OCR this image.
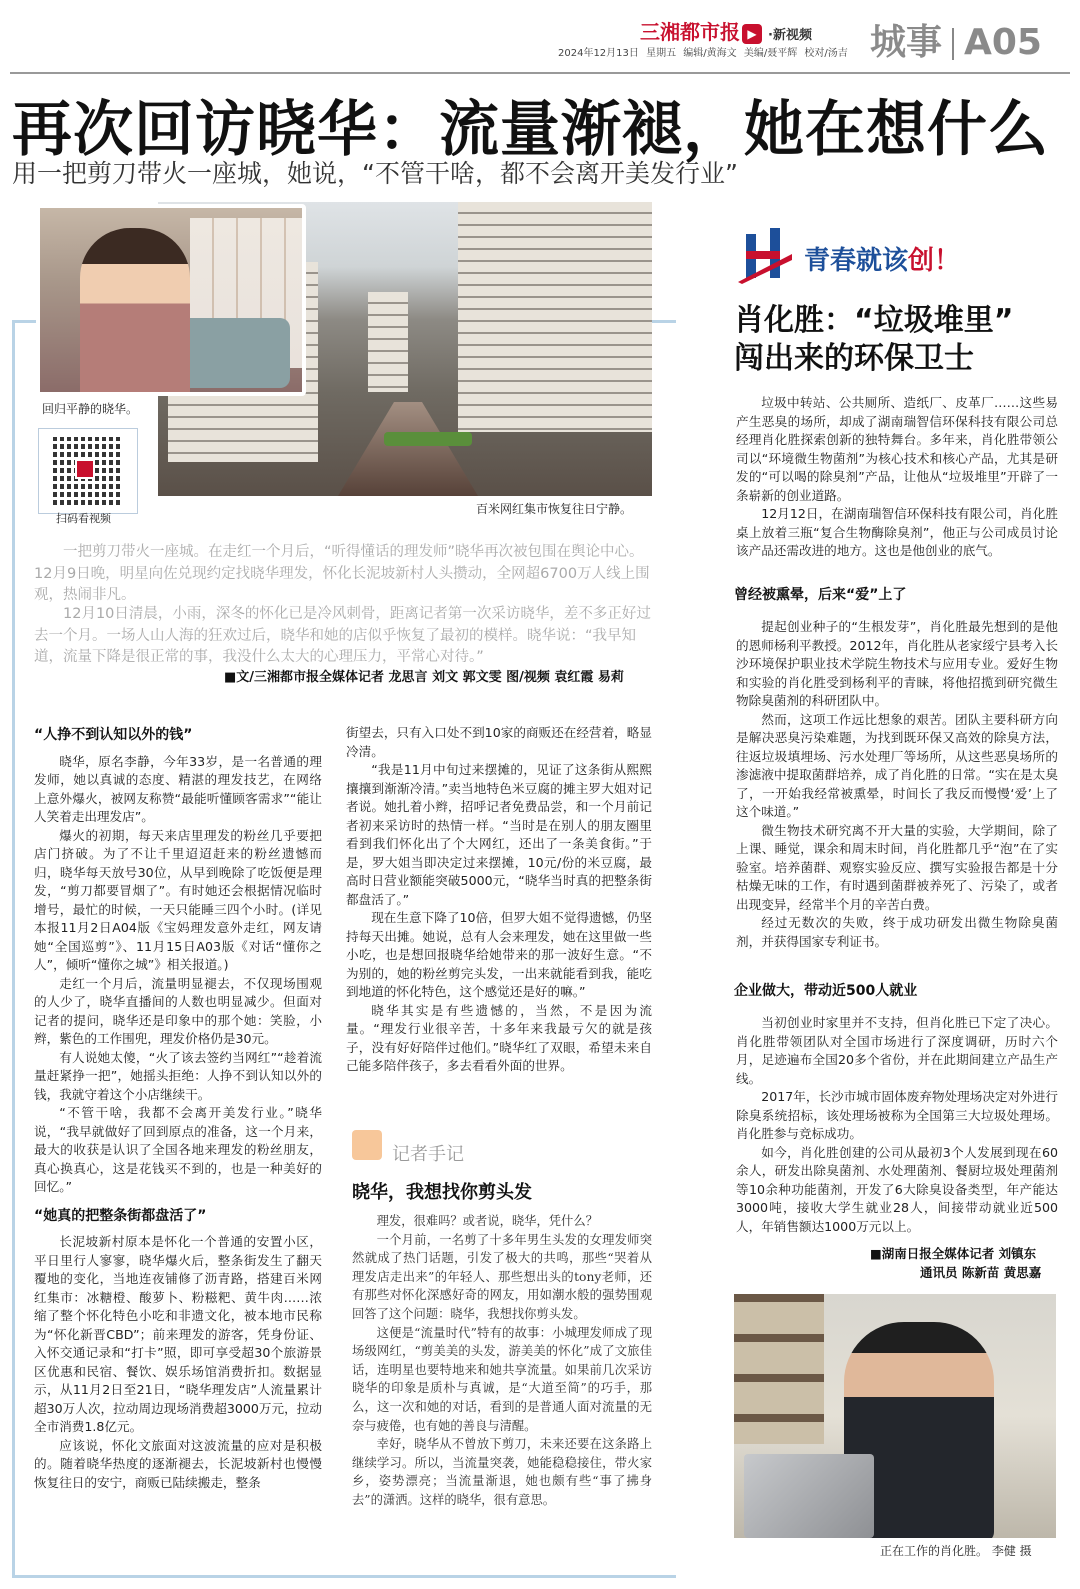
三湘都市报 ▶ ·新视频
2024年12月13日 星期五 编辑/黄海文 美编/聂平辉 校对/汤吉 城事 A05
再次回访晓华：流量渐褪，她在想什么
用一把剪刀带火一座城，她说，“不管干啥，都不会离开美发行业”
回归平静的晓华。
百米网红集市恢复往日宁静。
扫码看视频

一把剪刀带火一座城。在走红一个月后，“听得懂话的理发师”晓华再次被包围在舆论中心。12月9日晚，明星向佐兑现约定找晓华理发，怀化长泥坡新村人头攒动，全网超6700万人线上围观，热闹非凡。

12月10日清晨，小雨，深冬的怀化已是冷风刺骨，距离记者第一次采访晓华，差不多正好过去一个月。一场人山人海的狂欢过后，晓华和她的店似乎恢复了最初的模样。晓华说：“我早知道，流量下降是很正常的事，我没什么太大的心理压力，平常心对待。”

■文/三湘都市报全媒体记者 龙思言 刘文 郭文雯 图/视频 袁红霞 易莉
“人挣不到认知以外的钱”

晓华，原名李静，今年33岁，是一名普通的理发师，她以真诚的态度、精湛的理发技艺，在网络上意外爆火，被网友称赞“最能听懂顾客需求”“能让人笑着走出理发店”。

爆火的初期，每天来店里理发的粉丝几乎要把店门挤破。为了不让千里迢迢赶来的粉丝遗憾而归，晓华每天放号30位，从早到晚除了吃饭便是理发，“剪刀都要冒烟了”。有时她还会根据情况临时增号，最忙的时候，一天只能睡三四个小时。(详见本报11月2日A04版《宝妈理发意外走红，网友请她“全国巡剪”》、11月15日A03版《对话“懂你之人”，倾听“懂你之城”》相关报道。)

走红一个月后，流量明显褪去，不仅现场围观的人少了，晓华直播间的人数也明显减少。但面对记者的提问，晓华还是印象中的那个她：笑脸，小辫，紫色的工作围兜，理发价格仍是30元。

有人说她太傻，“火了该去签约当网红”“趁着流量赶紧挣一把”，她摇头拒绝：人挣不到认知以外的钱，我就守着这个小店继续干。

“不管干啥，我都不会离开美发行业。”晓华说，“我早就做好了回到原点的准备，这一个月来，最大的收获是认识了全国各地来理发的粉丝朋友，真心换真心，这是花钱买不到的，也是一种美好的回忆。”

“她真的把整条街都盘活了”

长泥坡新村原本是怀化一个普通的安置小区，平日里行人寥寥，晓华爆火后，整条街发生了翻天覆地的变化，当地连夜铺修了沥青路，搭建百米网红集市：冰糖橙、酸萝卜、粉糍粑、黄牛肉……浓缩了整个怀化特色小吃和非遗文化，被本地市民称为“怀化新晋CBD”；前来理发的游客，凭身份证、入怀交通记录和“打卡”照，即可享受超30个旅游景区优惠和民宿、餐饮、娱乐场馆消费折扣。数据显示，从11月2日至21日，“晓华理发店”人流量累计超30万人次，拉动周边现场消费超3000万元，拉动全市消费1.8亿元。

应该说，怀化文旅面对这波流量的应对是积极的。随着晓华热度的逐渐褪去，长泥坡新村也慢慢恢复往日的安宁，商贩已陆续搬走，整条

街望去，只有入口处不到10家的商贩还在经营着，略显冷清。

“我是11月中旬过来摆摊的，见证了这条街从熙熙攘攘到渐渐冷清。”卖当地特色米豆腐的摊主罗大姐对记者说。她扎着小辫，招呼记者免费品尝，和一个月前记者初来采访时的热情一样。“当时是在别人的朋友圈里看到我们怀化出了个大网红，还出了一条美食街。”于是，罗大姐当即决定过来摆摊，10元/份的米豆腐，最高时日营业额能突破5000元，“晓华当时真的把整条街都盘活了。”

现在生意下降了10倍，但罗大姐不觉得遗憾，仍坚持每天出摊。她说，总有人会来理发，她在这里做一些小吃，也是想回报晓华给她带来的那一波好生意。“不为别的，她的粉丝剪完头发，一出来就能看到我，能吃到地道的怀化特色，这个感觉还是好的嘛。”

晓华其实是有些遗憾的，当然，不是因为流量。“理发行业很辛苦，十多年来我最亏欠的就是孩子，没有好好陪伴过他们。”晓华红了双眼，希望未来自己能多陪伴孩子，多去看看外面的世界。

记者手记
晓华，我想找你剪头发

理发，很难吗？或者说，晓华，凭什么？

一个月前，一名剪了十多年男生头发的女理发师突然就成了热门话题，引发了极大的共鸣，那些“哭着从理发店走出来”的年轻人、那些想出头的tony老师，还有那些对怀化深感好奇的网友，用如潮水般的强势围观回答了这个问题：晓华，我想找你剪头发。

这便是“流量时代”特有的故事：小城理发师成了现场级网红，“剪美美的头发，游美美的怀化”成了文旅佳话，连明星也要特地来和她共享流量。如果前几次采访晓华的印象是质朴与真诚，是“大道至简”的巧手，那么，这一次和她的对话，看到的是普通人面对流量的无奈与疲倦，也有她的善良与清醒。

幸好，晓华从不曾放下剪刀，未来还要在这条路上继续学习。所以，当流量突袭，她能稳稳接住，带火家乡，姿势漂亮；当流量渐退，她也颇有些“事了拂身去”的潇洒。这样的晓华，很有意思。

青春就该创！
肖化胜：“垃圾堆里”
闯出来的环保卫士

垃圾中转站、公共厕所、造纸厂、皮革厂……这些易产生恶臭的场所，却成了湖南瑞智信环保科技有限公司总经理肖化胜探索创新的独特舞台。多年来，肖化胜带领公司以“环境微生物菌剂”为核心技术和核心产品，尤其是研发的“可以喝的除臭剂”产品，让他从“垃圾堆里”开辟了一条崭新的创业道路。

12月12日，在湖南瑞智信环保科技有限公司，肖化胜桌上放着三瓶“复合生物酶除臭剂”，他正与公司成员讨论该产品还需改进的地方。这也是他创业的底气。

曾经被熏晕，后来“爱”上了

提起创业种子的“生根发芽”，肖化胜最先想到的是他的恩师杨利平教授。2012年，肖化胜从老家绥宁县考入长沙环境保护职业技术学院生物技术与应用专业。爱好生物和实验的肖化胜受到杨利平的青睐，将他招揽到研究微生物除臭菌剂的科研团队中。

然而，这项工作远比想象的艰苦。团队主要科研方向是解决恶臭污染难题，为找到既环保又高效的除臭方法，往返垃圾填埋场、污水处理厂等场所，从这些恶臭场所的渗滤液中提取菌群培养，成了肖化胜的日常。“实在是太臭了，一开始我经常被熏晕，时间长了我反而慢慢‘爱’上了这个味道。”

微生物技术研究离不开大量的实验，大学期间，除了上课、睡觉，课余和周末时间，肖化胜都几乎“泡”在了实验室。培养菌群、观察实验反应、撰写实验报告都是十分枯燥无味的工作，有时遇到菌群被养死了、污染了，或者出现变异，经常半个月的辛苦白费。

经过无数次的失败，终于成功研发出微生物除臭菌剂，并获得国家专利证书。

企业做大，带动近500人就业

当初创业时家里并不支持，但肖化胜已下定了决心。肖化胜带领团队对全国市场进行了深度调研，历时六个月，足迹遍布全国20多个省份，并在此期间建立产品生产线。

2017年，长沙市城市固体废弃物处理场决定对外进行除臭系统招标，该处理场被称为全国第三大垃圾处理场。肖化胜参与竞标成功。

如今，肖化胜创建的公司从最初3个人发展到现在60余人，研发出除臭菌剂、水处理菌剂、餐厨垃圾处理菌剂等10余种功能菌剂，开发了6大除臭设备类型，年产能达3000吨，接收大学生就业28人，间接带动就业近500人，年销售额达1000万元以上。

■湖南日报全媒体记者 刘镇东
通讯员 陈新苗 黄思嘉
正在工作的肖化胜。 李健 摄
